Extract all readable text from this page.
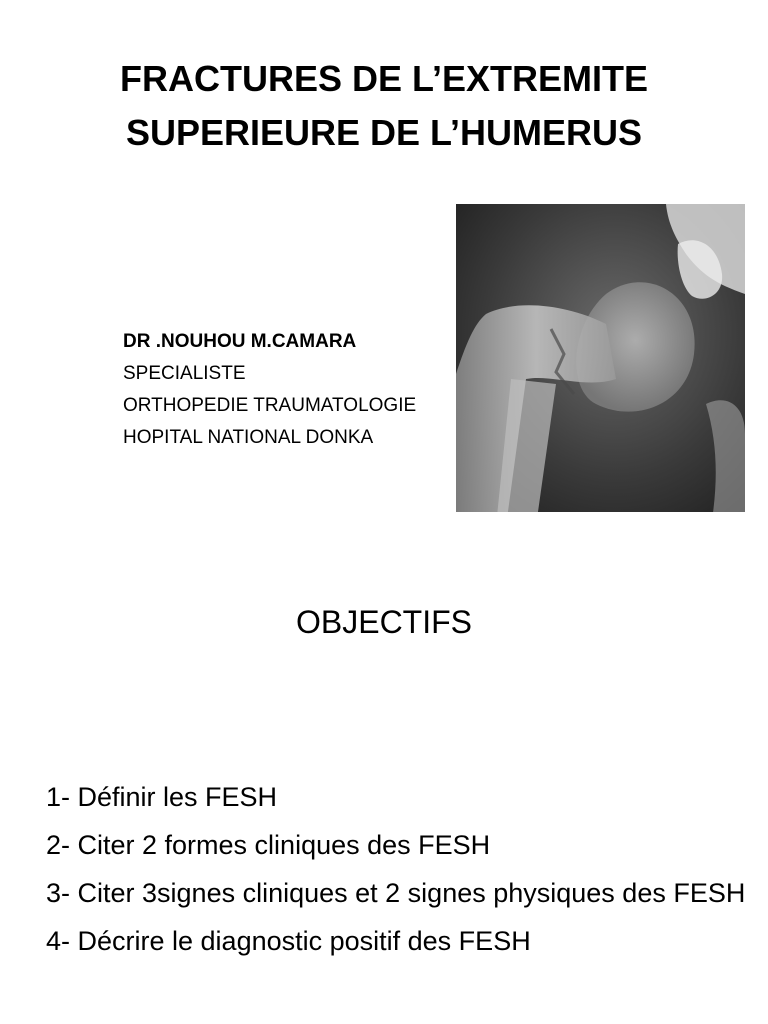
FRACTURES DE L’EXTREMITE
SUPERIEURE DE L’HUMERUS
DR .NOUHOU M.CAMARA
SPECIALISTE
ORTHOPEDIE TRAUMATOLOGIE
HOPITAL NATIONAL DONKA
OBJECTIFS
1- Définir les FESH
2- Citer 2 formes cliniques des FESH
3- Citer 3signes cliniques et 2 signes physiques des FESH
4- Décrire le diagnostic positif des FESH
